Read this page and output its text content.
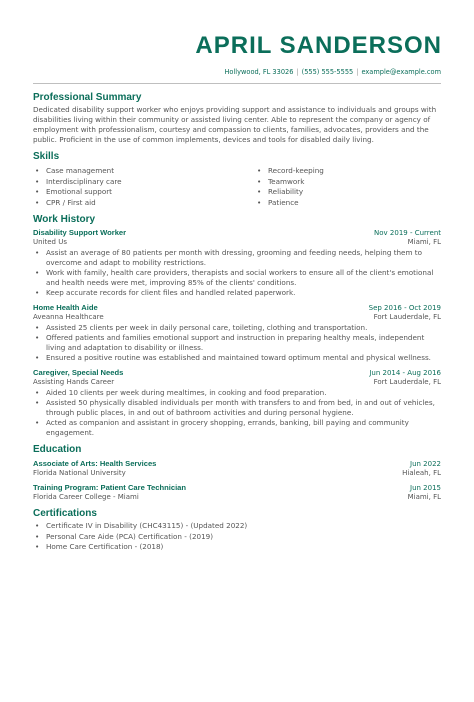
APRIL SANDERSON
Hollywood, FL 33026 | (555) 555-5555 | example@example.com
Professional Summary
Dedicated disability support worker who enjoys providing support and assistance to individuals and groups with disabilities living within their community or assisted living center. Able to represent the company or agency of employment with professionalism, courtesy and compassion to clients, families, advocates, providers and the public. Proficient in the use of common implements, devices and tools for disabled daily living.
Skills
• Case management
• Interdisciplinary care
• Emotional support
• CPR / First aid
• Record-keeping
• Teamwork
• Reliability
• Patience
Work History
Disability Support Worker	Nov 2019 - Current
United Us	Miami, FL
• Assist an average of 80 patients per month with dressing, grooming and feeding needs, helping them to overcome and adapt to mobility restrictions.
• Work with family, health care providers, therapists and social workers to ensure all of the client's emotional and health needs were met, improving 85% of the clients' conditions.
• Keep accurate records for client files and handled related paperwork.
Home Health Aide	Sep 2016 - Oct 2019
Aveanna Healthcare	Fort Lauderdale, FL
• Assisted 25 clients per week in daily personal care, toileting, clothing and transportation.
• Offered patients and families emotional support and instruction in preparing healthy meals, independent living and adaptation to disability or illness.
• Ensured a positive routine was established and maintained toward optimum mental and physical wellness.
Caregiver, Special Needs	Jun 2014 - Aug 2016
Assisting Hands Career	Fort Lauderdale, FL
• Aided 10 clients per week during mealtimes, in cooking and food preparation.
• Assisted 50 physically disabled individuals per month with transfers to and from bed, in and out of vehicles, through public places, in and out of bathroom activities and during personal hygiene.
• Acted as companion and assistant in grocery shopping, errands, banking, bill paying and community engagement.
Education
Associate of Arts: Health Services	Jun 2022
Florida National University	Hialeah, FL
Training Program: Patient Care Technician	Jun 2015
Florida Career College - Miami	Miami, FL
Certifications
• Certificate IV in Disability (CHC43115) - (Updated 2022)
• Personal Care Aide (PCA) Certification - (2019)
• Home Care Certification - (2018)
